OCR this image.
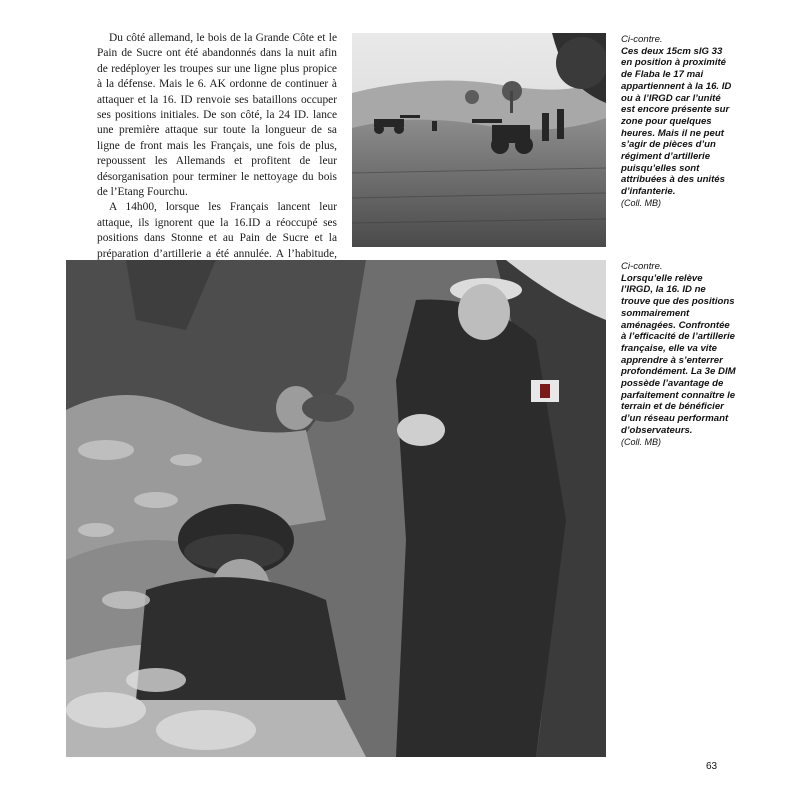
Du côté allemand, le bois de la Grande Côte et le Pain de Sucre ont été abandonnés dans la nuit afin de redéployer les troupes sur une ligne plus propice à la défense. Mais le 6. AK ordonne de continuer à attaquer et la 16. ID renvoie ses bataillons occuper ses positions initiales. De son côté, la 24 ID. lance une première attaque sur toute la longueur de sa ligne de front mais les Français, une fois de plus, repoussent les Allemands et profitent de leur désorganisation pour terminer le nettoyage du bois de l’Etang Fourchu.

A 14h00, lorsque les Français lancent leur attaque, ils ignorent que la 16.ID a réoccupé ses positions dans Stonne et au Pain de Sucre et la préparation d’artillerie a été annulée. A l’habitude,

Ci-contre.
Ces deux 15cm sIG 33 en position à proximité de Flaba le 17 mai appartiennent à la 16. ID ou à l’IRGD car l’unité est encore présente sur zone pour quelques heures. Mais il ne peut s’agir de pièces d’un régiment d’artillerie puisqu’elles sont attribuées à des unités d’infanterie.
(Coll. MB)
Ci-contre.
Lorsqu’elle relève l’IRGD, la 16. ID ne trouve que des positions sommairement aménagées. Confrontée à l’efficacité de l’artillerie française, elle va vite apprendre à s’enterrer profondément. La 3e DIM possède l’avantage de parfaitement connaître le terrain et de bénéficier d’un réseau performant d’observateurs.
(Coll. MB)
63
